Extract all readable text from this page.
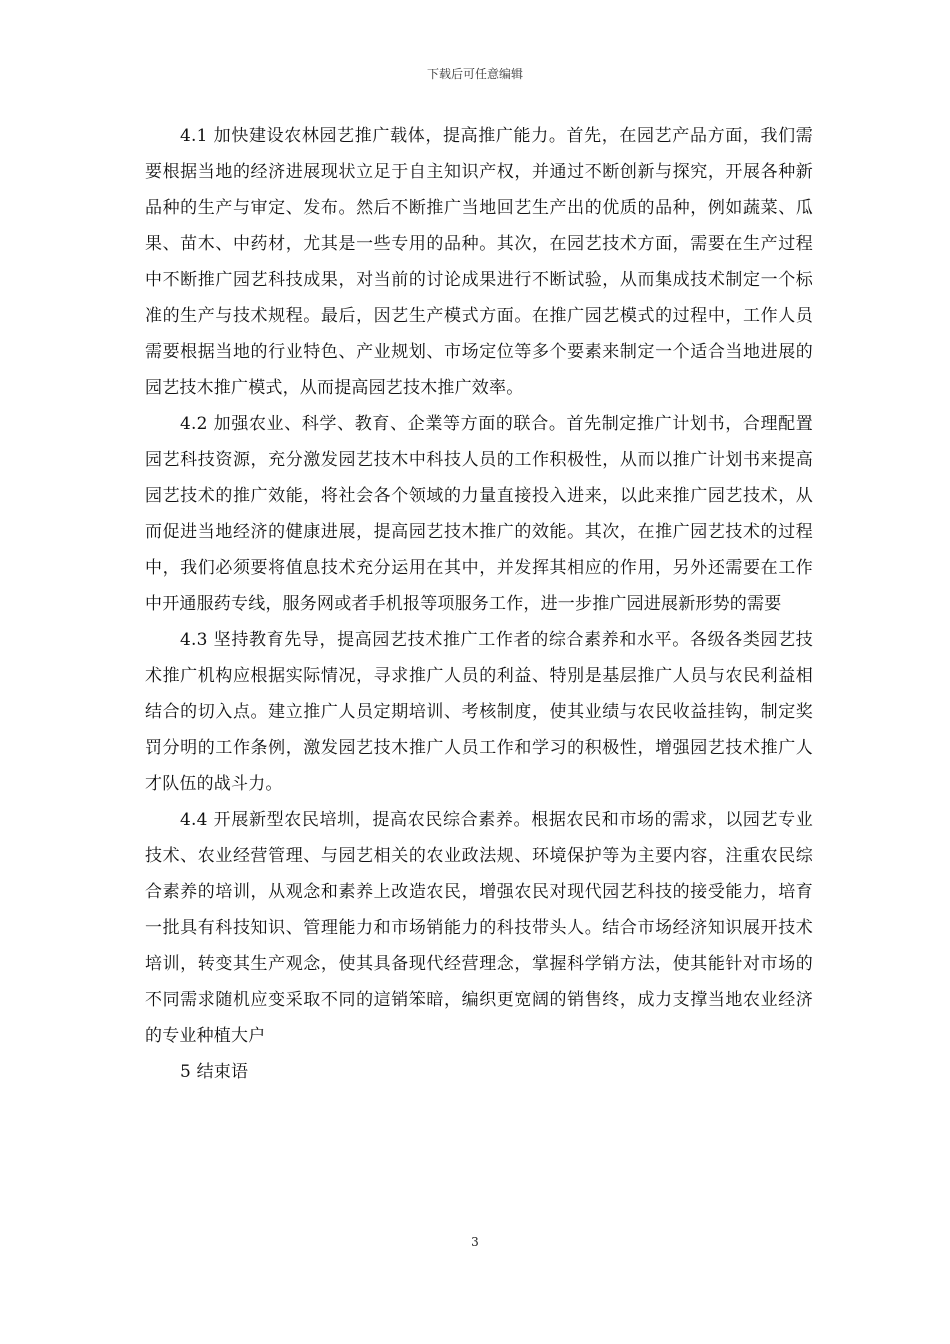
下载后可任意编辑

4.1 加快建设农林园艺推广载体，提高推广能力。首先，在园艺产品方面，我们需要根据当地的经济进展现状立足于自主知识产权，并通过不断创新与探究，开展各种新品种的生产与审定、发布。然后不断推广当地回艺生产出的优质的品种，例如蔬菜、瓜果、苗木、中药材，尤其是一些专用的品种。其次，在园艺技术方面，需要在生产过程中不断推广园艺科技成果，对当前的讨论成果进行不断试验，从而集成技术制定一个标准的生产与技术规程。最后，因艺生产模式方面。在推广园艺模式的过程中，工作人员需要根据当地的行业特色、产业规划、市场定位等多个要素来制定一个适合当地进展的园艺技木推广模式，从而提高园艺技木推广效率。

4.2 加强农业、科学、教育、企業等方面的联合。首先制定推广计划书，合理配置园艺科技资源，充分激发园艺技木中科技人员的工作积极性，从而以推广计划书来提高园艺技术的推广效能，将社会各个领域的力量直接投入进来，以此来推广园艺技术，从而促进当地经济的健康进展，提高园艺技木推广的效能。其次，在推广园艺技术的过程中，我们必须要将值息技术充分运用在其中，并发挥其相应的作用，另外还需要在工作中开通服药专线，服务网或者手机报等项服务工作，进一步推广园进展新形势的需要

4.3 坚持教育先导，提高园艺技术推广工作者的综合素养和水平。各级各类园艺技术推广机构应根据实际情况，寻求推广人员的利益、特別是基层推广人员与农民利益相结合的切入点。建立推广人员定期培训、考核制度，使其业绩与农民收益挂钩，制定奖罚分明的工作条例，激发园艺技木推广人员工作和学习的积极性，增强园艺技术推广人才队伍的战斗力。

4.4 开展新型农民培圳，提高农民综合素养。根据农民和市场的需求，以园艺专业技术、农业经营管理、与园艺相关的农业政法规、环境保护等为主要内容，注重农民综合素养的培训，从观念和素养上改造农民，增强农民对现代园艺科技的接受能力，培育一批具有科技知识、管理能力和市场销能力的科技带头人。结合市场经济知识展开技术培训，转变其生产观念，使其具备现代经营理念，掌握科学销方法，使其能针对市场的不同需求随机应变采取不同的這销笨暗，编织更宽阔的销售终，成力支撑当地农业经济的专业种植大户

5 结束语

3
